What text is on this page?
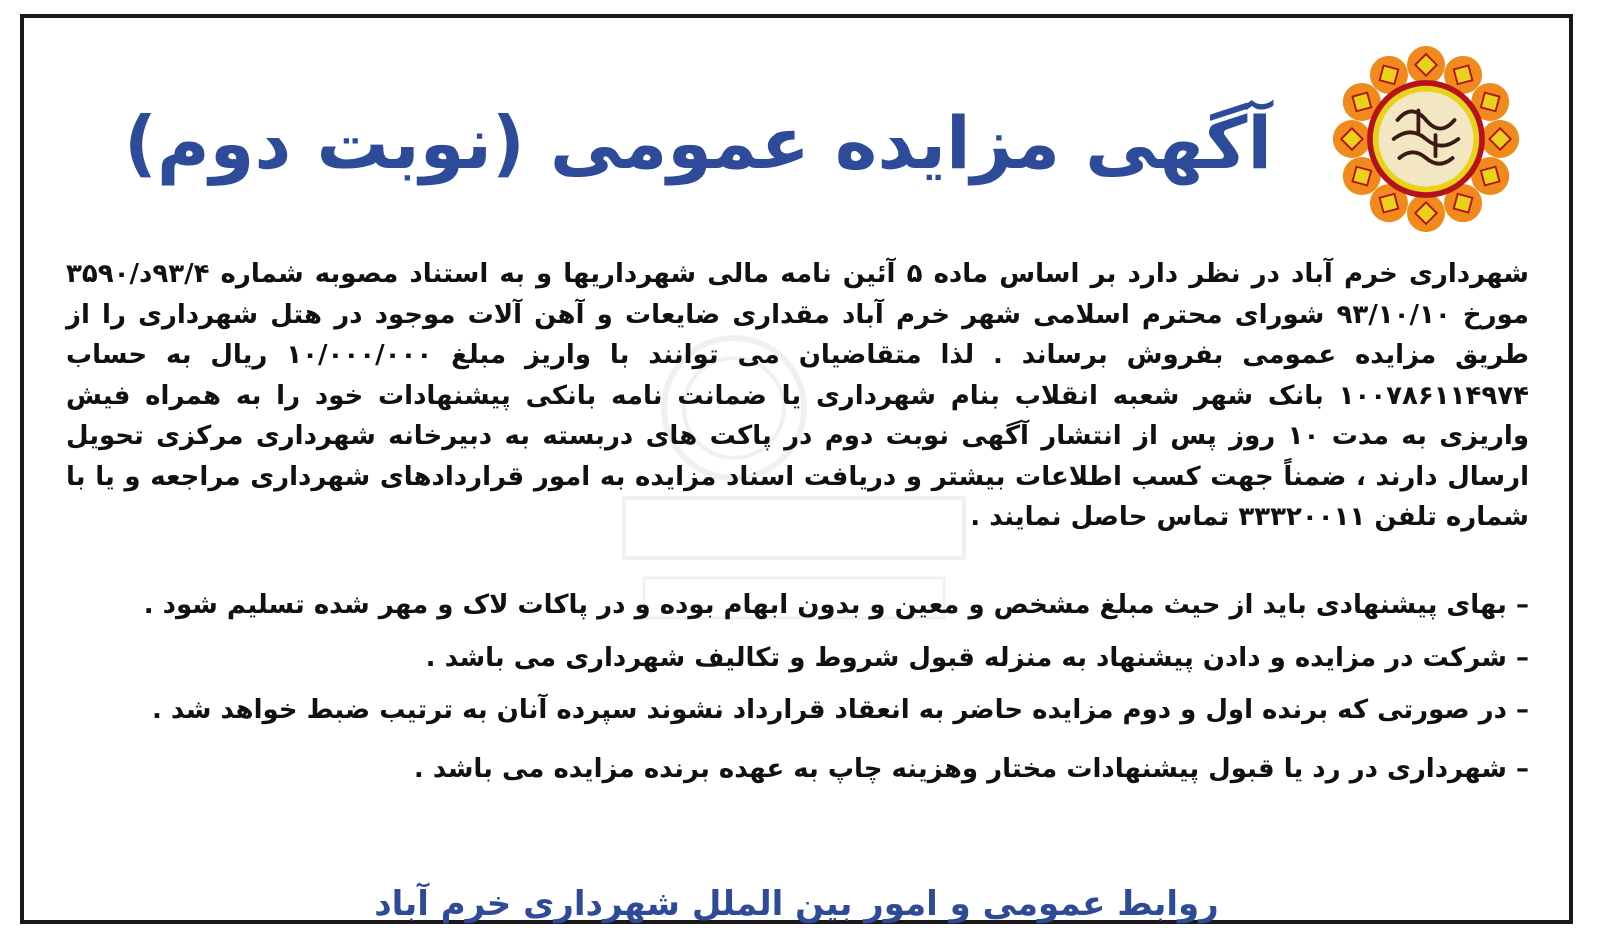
آگهی مزایده عمومی (نوبت دوم)

شهرداری خرم آباد در نظر دارد بر اساس ماده ۵ آئین نامه مالی شهرداریها و به استناد مصوبه شماره ۹۳/۴د/۳۵۹۰ مورخ ۹۳/۱۰/۱۰ شورای محترم اسلامی شهر خرم آباد مقداری ضایعات و آهن آلات موجود در هتل شهرداری را از طریق مزایده عمومی بفروش برساند . لذا متقاضیان می توانند با واریز مبلغ ۱۰/۰۰۰/۰۰۰ ریال به حساب ۱۰۰۷۸۶۱۱۴۹۷۴ بانک شهر شعبه انقلاب بنام شهرداری یا ضمانت نامه بانکی پیشنهادات خود را به همراه فیش واریزی به مدت ۱۰ روز پس از انتشار آگهی نوبت دوم در پاکت های دربسته به دبیرخانه شهرداری مرکزی تحویل ارسال دارند ، ضمناً جهت کسب اطلاعات بیشتر و دریافت اسناد مزایده به امور قراردادهای شهرداری مراجعه و یا با شماره تلفن ۳۳۳۲۰۰۱۱ تماس حاصل نمایند .

– بهای پیشنهادی باید از حیث مبلغ مشخص و معین و بدون ابهام بوده و در پاکات لاک و مهر شده تسلیم شود .
– شرکت در مزایده و دادن پیشنهاد به منزله قبول شروط و تکالیف شهرداری می باشد .
– در صورتی که برنده اول و دوم مزایده حاضر به انعقاد قرارداد نشوند سپرده آنان به ترتیب ضبط خواهد شد .
– شهرداری در رد یا قبول پیشنهادات مختار وهزینه چاپ به عهده برنده مزایده می باشد .
روابط عمومی و امور بین الملل شهرداری خرم آباد
